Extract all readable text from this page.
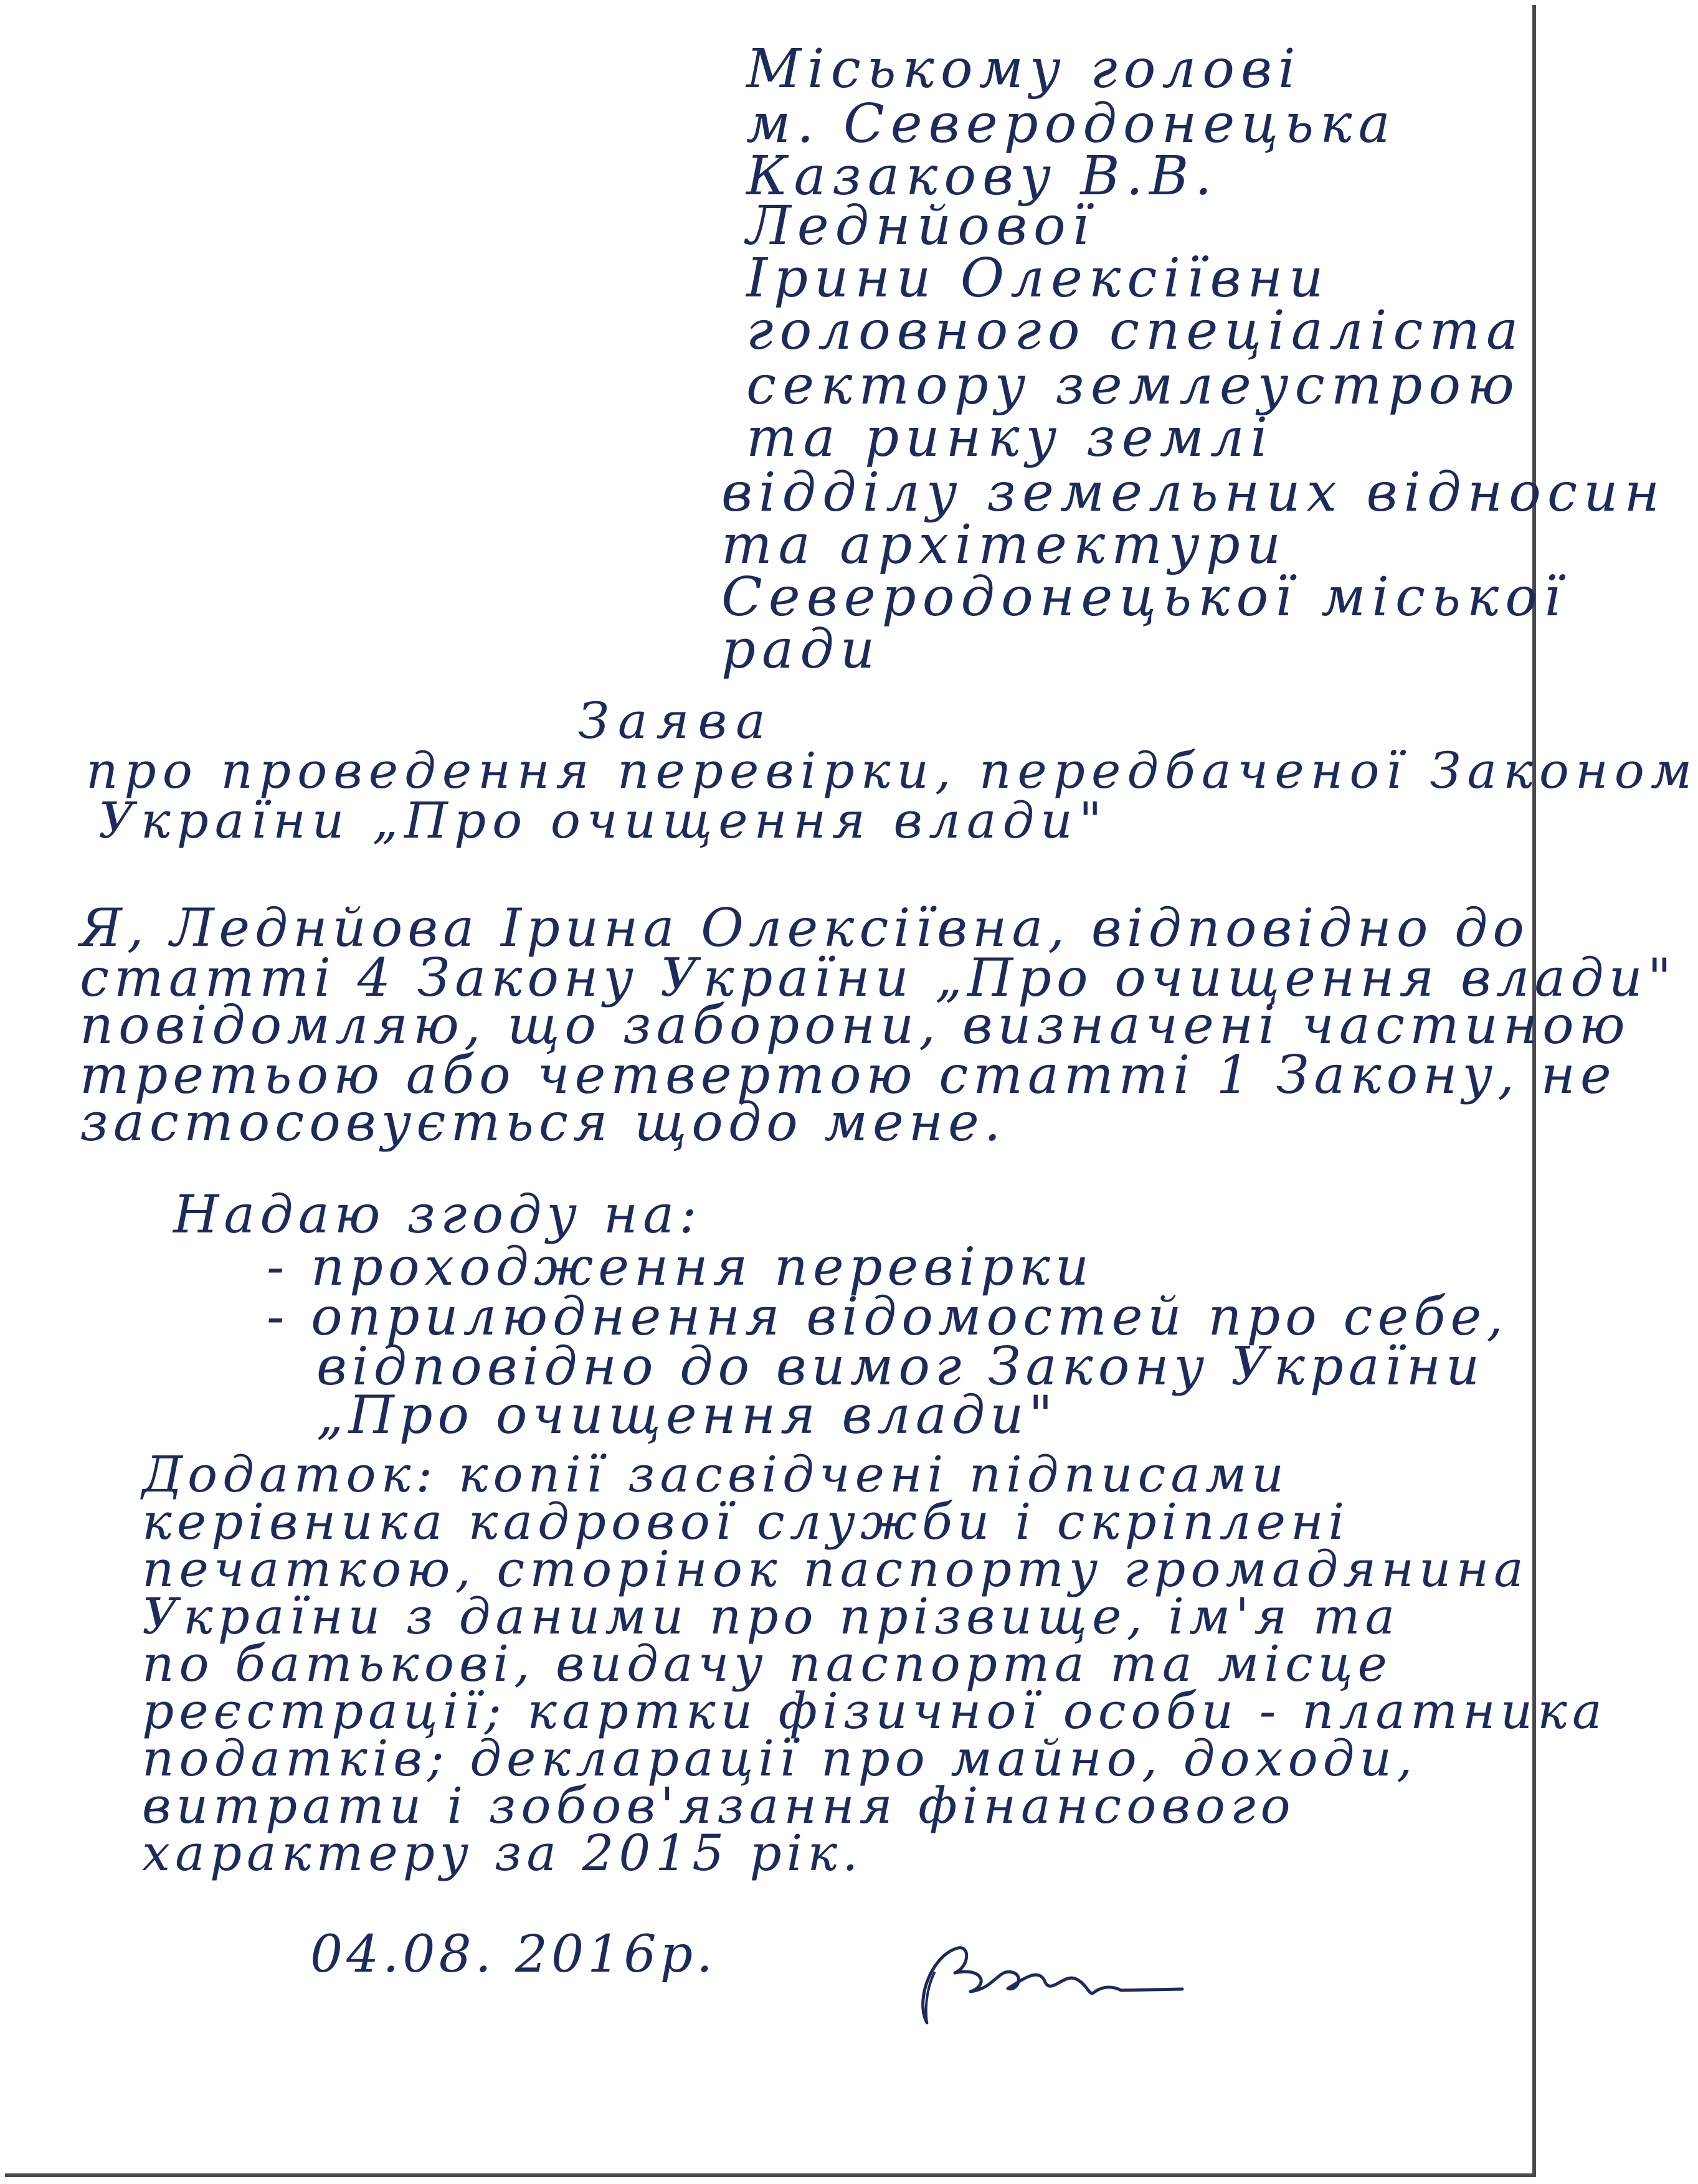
Міському голові
м. Северодонецька
Казакову В.В.
Леднйової
Ірини Олексіївни
головного спеціаліста
сектору землеустрою
та ринку землі
відділу земельних відносин
та архітектури
Северодонецької міської
ради
Заява
про проведення перевірки, передбаченої Законом
України „Про очищення влади"
Я, Леднйова Ірина Олексіївна, відповідно до
статті 4 Закону України „Про очищення влади"
повідомляю, що заборони, визначені частиною
третьою або четвертою статті 1 Закону, не
застосовується щодо мене.
Надаю згоду на:
- проходження перевірки
- оприлюднення відомостей про себе,
відповідно до вимог Закону України
„Про очищення влади"
Додаток: копії засвідчені підписами
керівника кадрової служби і скріплені
печаткою, сторінок паспорту громадянина
України з даними про прізвище, ім'я та
по батькові, видачу паспорта та місце
реєстрації; картки фізичної особи - платника
податків; декларації про майно, доходи,
витрати і зобов'язання фінансового
характеру за 2015 рік.
04.08. 2016р.
